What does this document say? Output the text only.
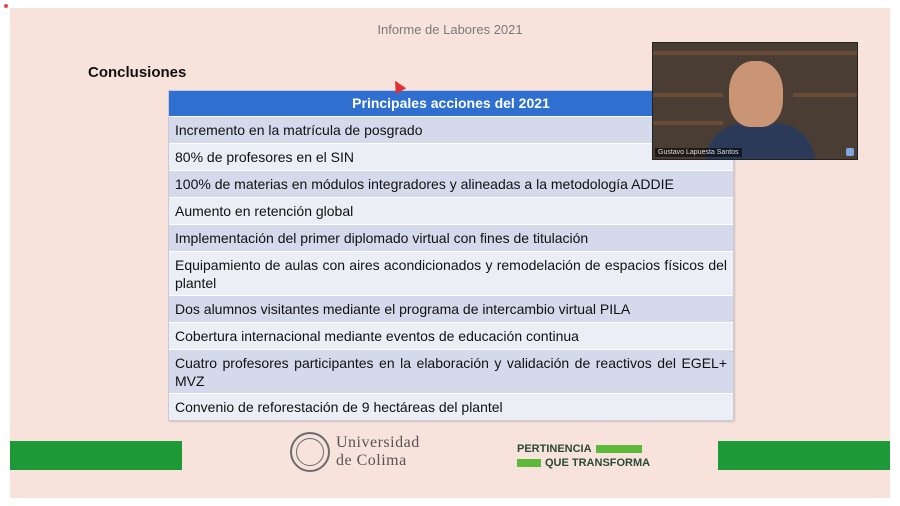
Informe de Labores 2021
Conclusiones
Principales acciones del 2021
Incremento en la matrícula de posgrado
80% de profesores en el SIN
100% de materias en módulos integradores y alineadas a la metodología ADDIE
Aumento en retención global
Implementación del primer diplomado virtual con fines de titulación
Equipamiento de aulas con aires acondicionados y remodelación de espacios físicos del plantel
Dos alumnos visitantes mediante el programa de intercambio virtual PILA
Cobertura internacional mediante eventos de educación continua
Cuatro profesores participantes en la elaboración y validación de reactivos del EGEL+ MVZ
Convenio de reforestación de 9 hectáreas del plantel
Universidad
de Colima
PERTINENCIA
QUE TRANSFORMA
Gustavo Lapuesta Santos
